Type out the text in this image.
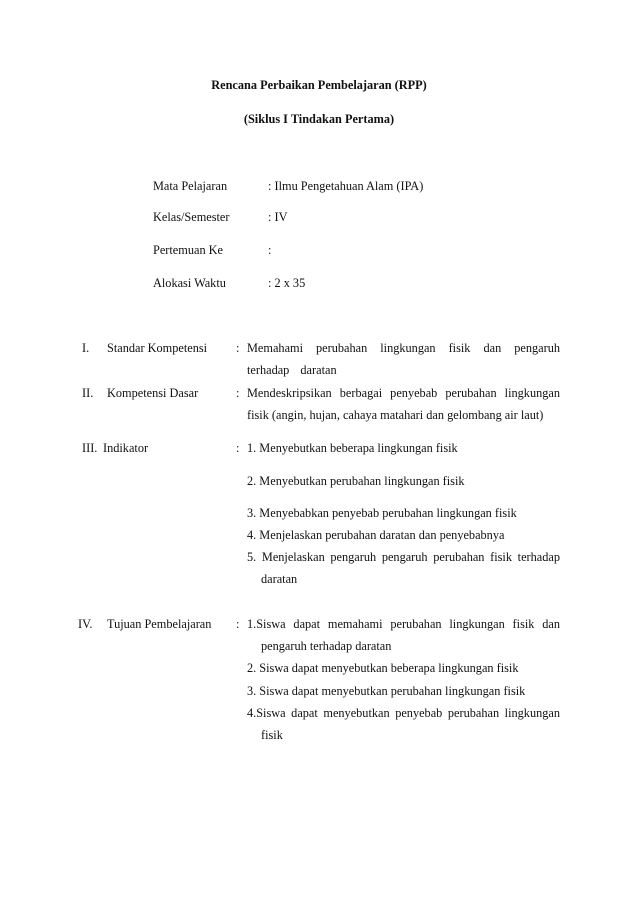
Rencana Perbaikan Pembelajaran (RPP)
(Siklus I Tindakan Pertama)
Mata Pelajaran	: Ilmu Pengetahuan Alam (IPA)
Kelas/Semester	: IV
Pertemuan Ke	:
Alokasi Waktu	: 2 x 35
I. Standar Kompetensi : Memahami perubahan lingkungan fisik dan pengaruh
terhadap daratan
II. Kompetensi Dasar	: Mendeskripsikan berbagai penyebab perubahan lingkungan
fisik (angin, hujan, cahaya matahari dan gelombang air laut)
III. Indikator	: 1. Menyebutkan beberapa lingkungan fisik
2. Menyebutkan perubahan lingkungan fisik
3. Menyebabkan penyebab perubahan lingkungan fisik
4. Menjelaskan perubahan daratan dan penyebabnya
5. Menjelaskan pengaruh pengaruh perubahan fisik terhadap
daratan
IV. Tujuan Pembelajaran : 1.Siswa dapat memahami perubahan lingkungan fisik dan
pengaruh terhadap daratan
2. Siswa dapat menyebutkan beberapa lingkungan fisik
3. Siswa dapat menyebutkan perubahan lingkungan fisik
4.Siswa dapat menyebutkan penyebab perubahan lingkungan
fisik
